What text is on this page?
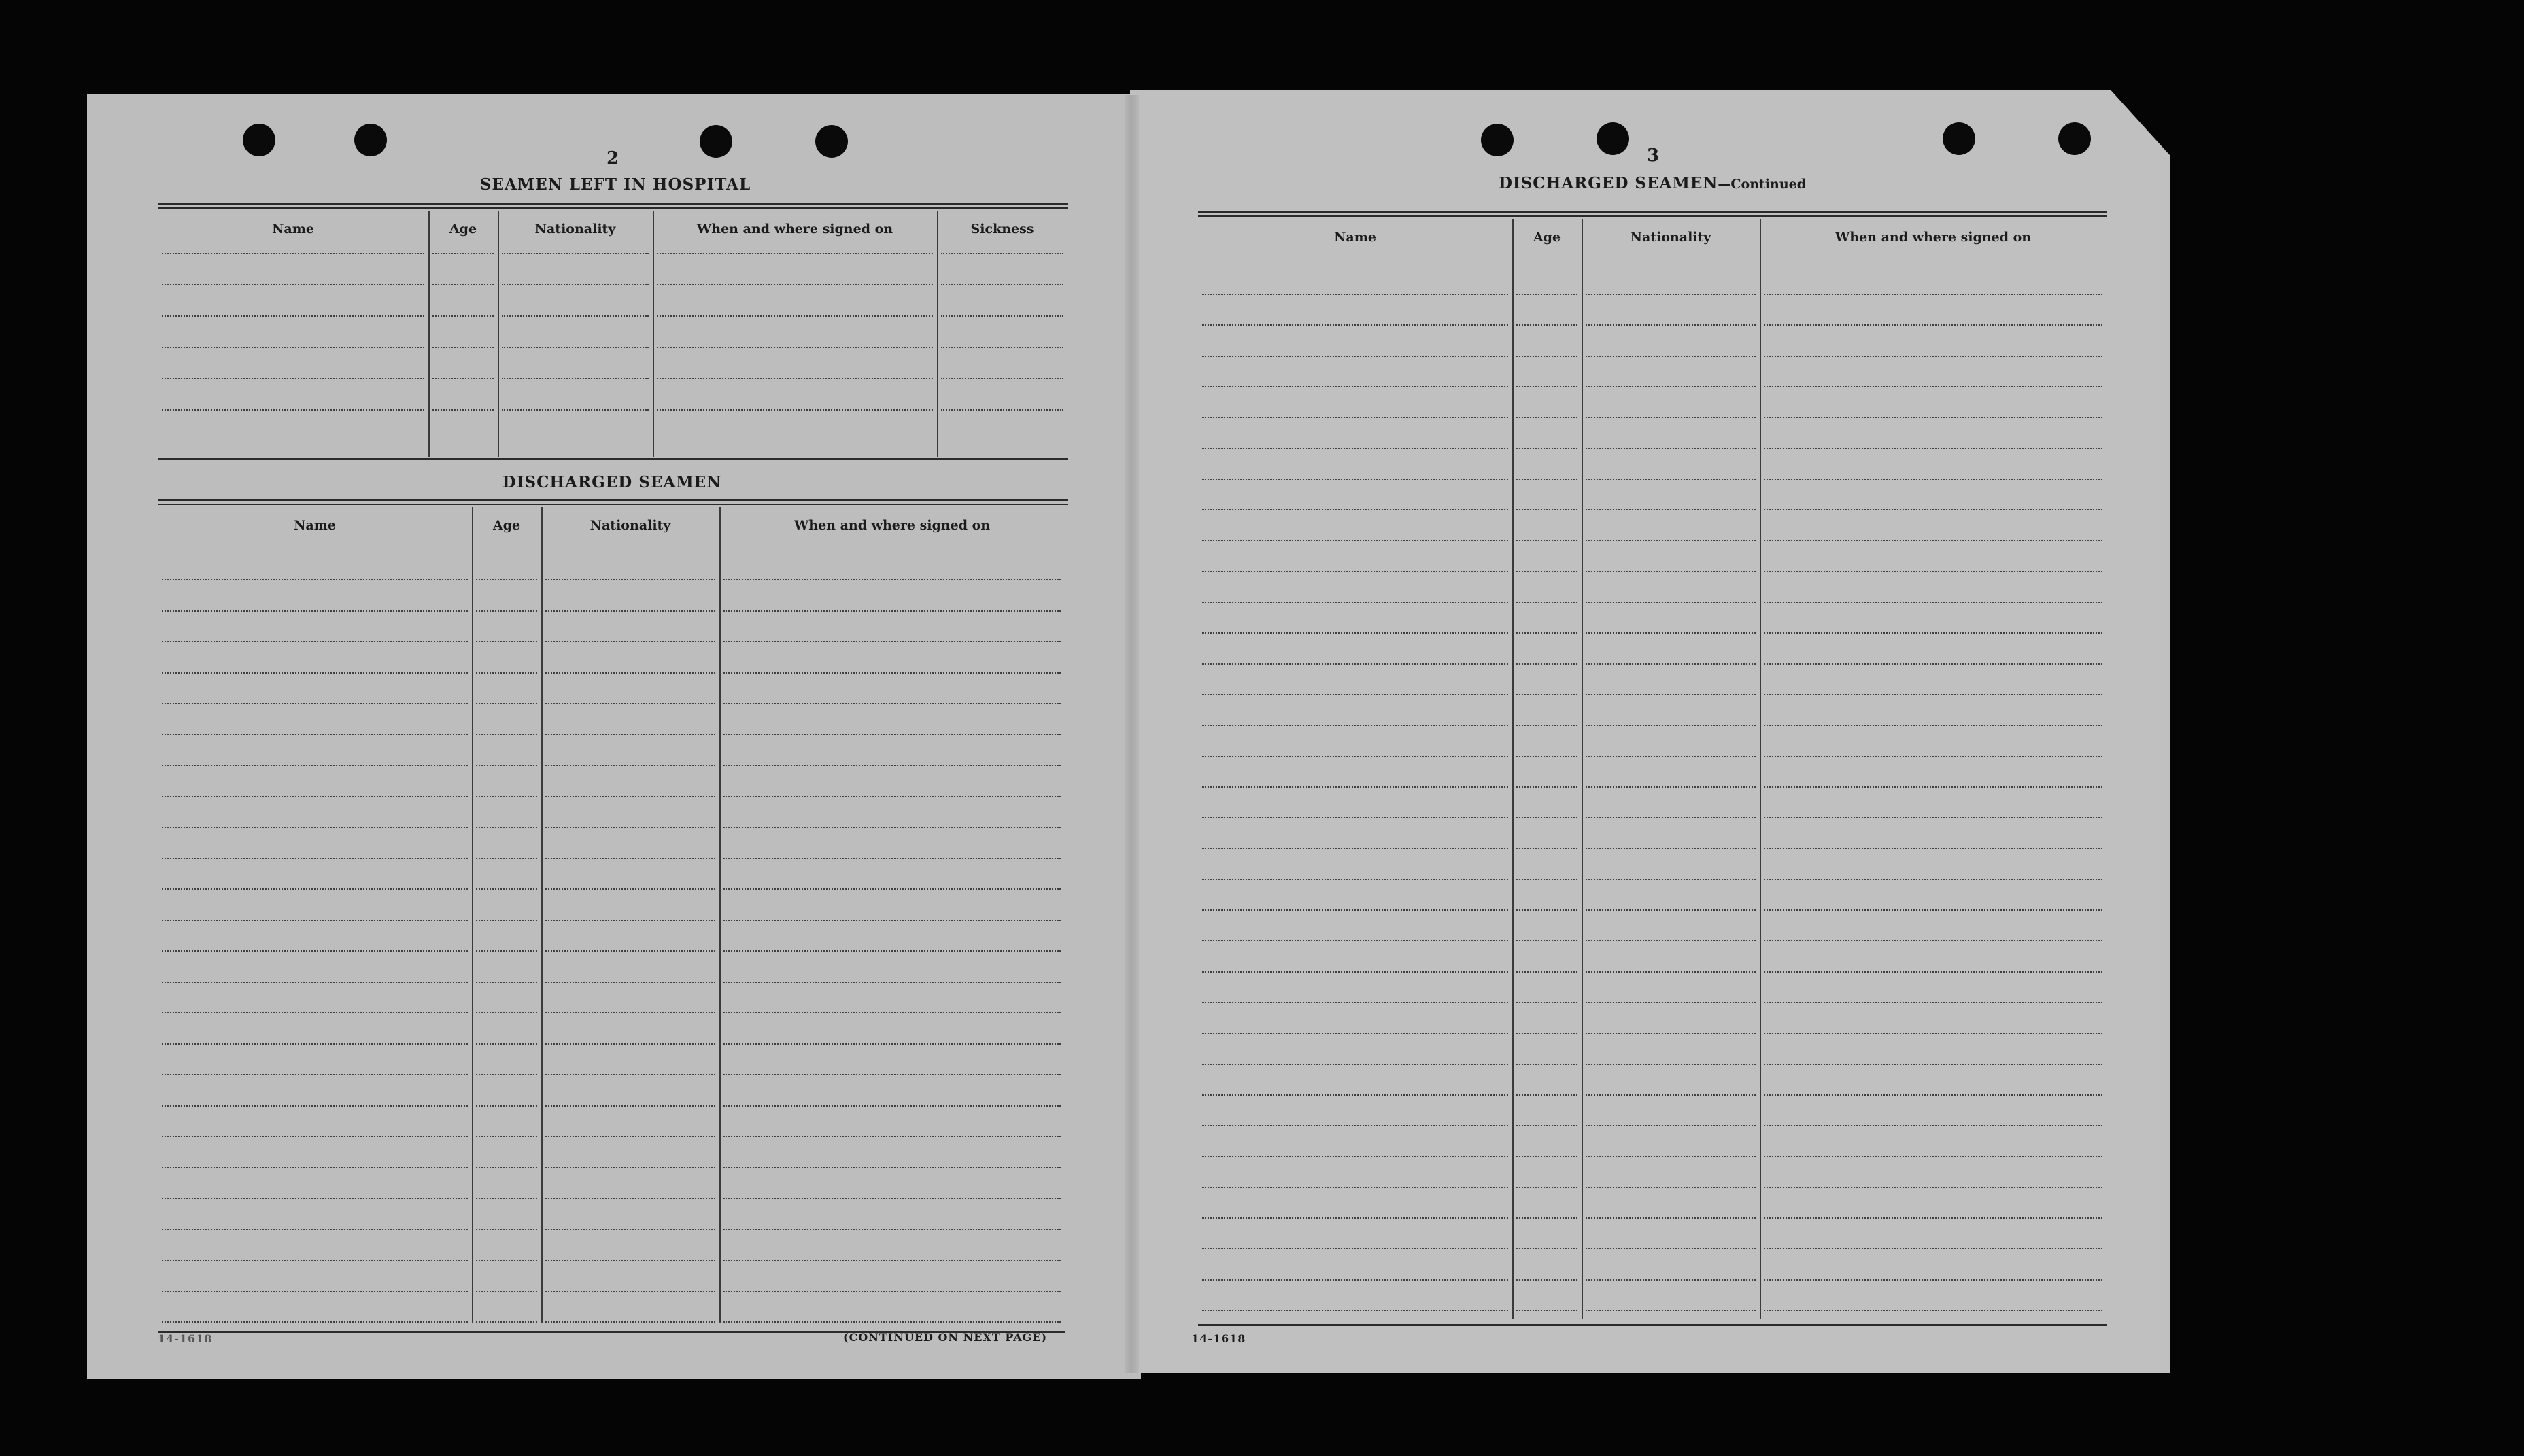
2
SEAMEN LEFT IN HOSPITAL
Name	Age	Nationality	When and where signed on	Sickness
DISCHARGED SEAMEN
Name	Age	Nationality	When and where signed on
14-1618	(CONTINUED ON NEXT PAGE)
3
DISCHARGED SEAMEN—Continued
Name	Age	Nationality	When and where signed on
14-1618
